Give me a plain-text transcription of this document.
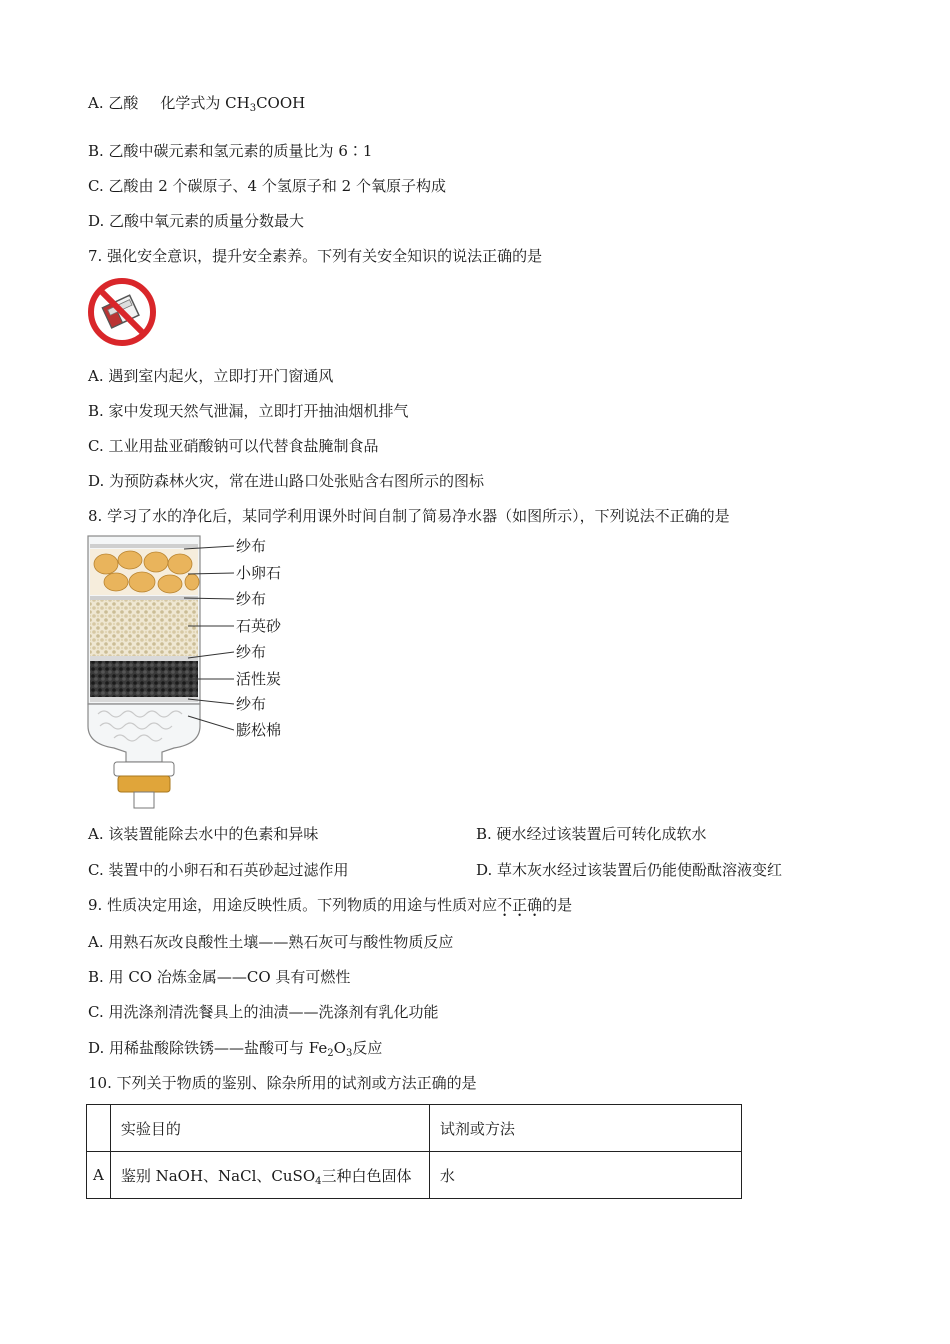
A. 乙酸 化学式为 $CH_3COOH$
B. 乙酸中碳元素和氢元素的质量比为 6∶1
C. 乙酸由 2 个碳原子、4 个氢原子和 2 个氧原子构成
D. 乙酸中氧元素的质量分数最大
7. 强化安全意识，提升安全素养。下列有关安全知识的说法正确的是
A. 遇到室内起火，立即打开门窗通风
B. 家中发现天然气泄漏，立即打开抽油烟机排气
C. 工业用盐亚硝酸钠可以代替食盐腌制食品
D. 为预防森林火灾，常在进山路口处张贴含右图所示的图标
8. 学习了水的净化后，某同学利用课外时间自制了简易净水器（如图所示），下列说法不正确的是
纱布
小卵石
纱布
石英砂
纱布
活性炭
纱布
膨松棉
A. 该装置能除去水中的色素和异味	B. 硬水经过该装置后可转化成软水
C. 装置中的小卵石和石英砂起过滤作用	D. 草木灰水经过该装置后仍能使酚酞溶液变红
9. 性质决定用途，用途反映性质。下列物质的用途与性质对应不正确的是
A. 用熟石灰改良酸性土壤——熟石灰可与酸性物质反应
B. 用 CO 冶炼金属——CO 具有可燃性
C. 用洗涤剂清洗餐具上的油渍——洗涤剂有乳化功能
D. 用稀盐酸除铁锈——盐酸可与 $Fe_2O_3$反应
10. 下列关于物质的鉴别、除杂所用的试剂或方法正确的是
	实验目的	试剂或方法
A	鉴别 NaOH、NaCl、CuSO$_4$三种白色固体	水
